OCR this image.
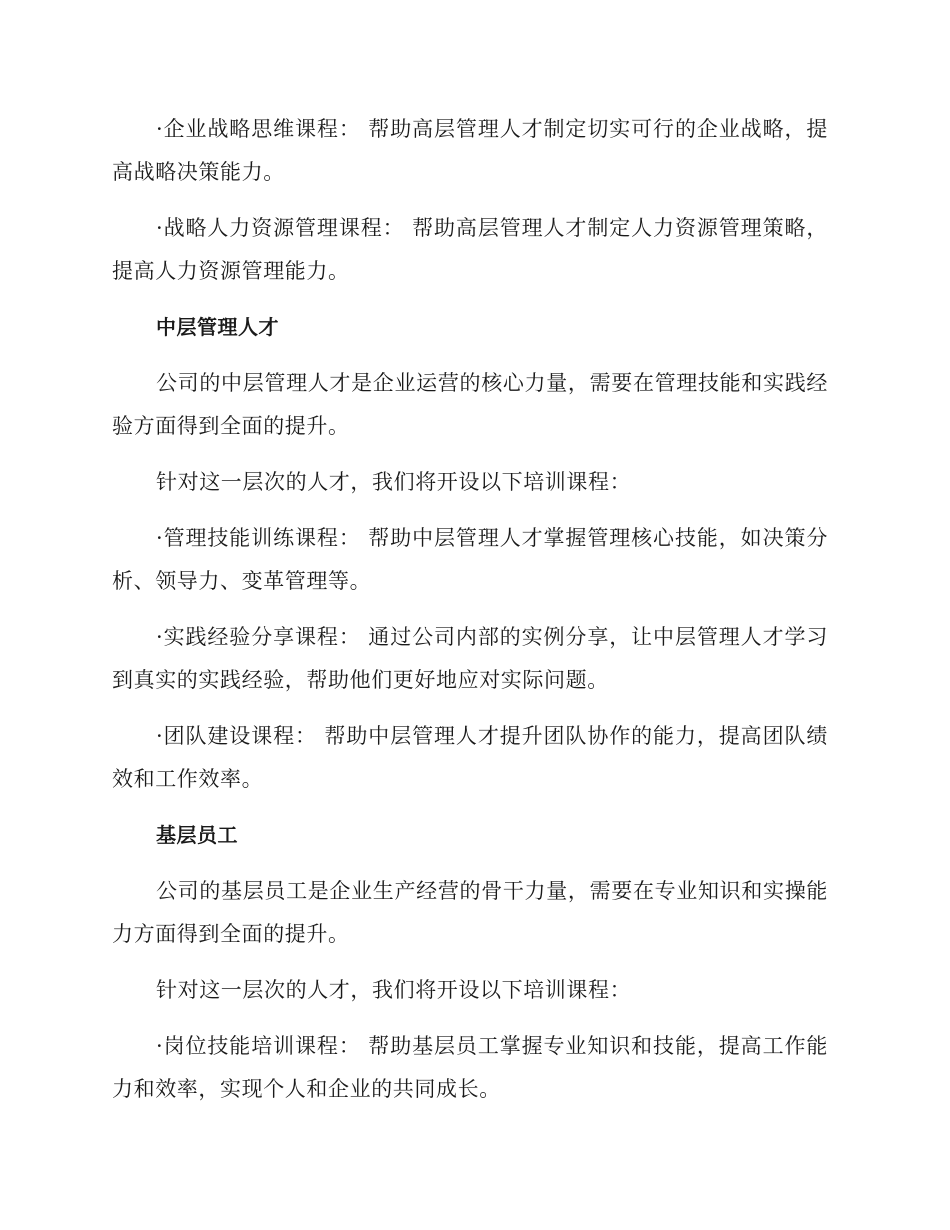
·企业战略思维课程： 帮助高层管理人才制定切实可行的企业战略，提高战略决策能力。

·战略人力资源管理课程： 帮助高层管理人才制定人力资源管理策略，提高人力资源管理能力。

中层管理人才

公司的中层管理人才是企业运营的核心力量，需要在管理技能和实践经验方面得到全面的提升。

针对这一层次的人才，我们将开设以下培训课程：

·管理技能训练课程： 帮助中层管理人才掌握管理核心技能，如决策分析、领导力、变革管理等。

·实践经验分享课程： 通过公司内部的实例分享，让中层管理人才学习到真实的实践经验，帮助他们更好地应对实际问题。

·团队建设课程： 帮助中层管理人才提升团队协作的能力，提高团队绩效和工作效率。

基层员工

公司的基层员工是企业生产经营的骨干力量，需要在专业知识和实操能力方面得到全面的提升。

针对这一层次的人才，我们将开设以下培训课程：

·岗位技能培训课程： 帮助基层员工掌握专业知识和技能，提高工作能力和效率，实现个人和企业的共同成长。
